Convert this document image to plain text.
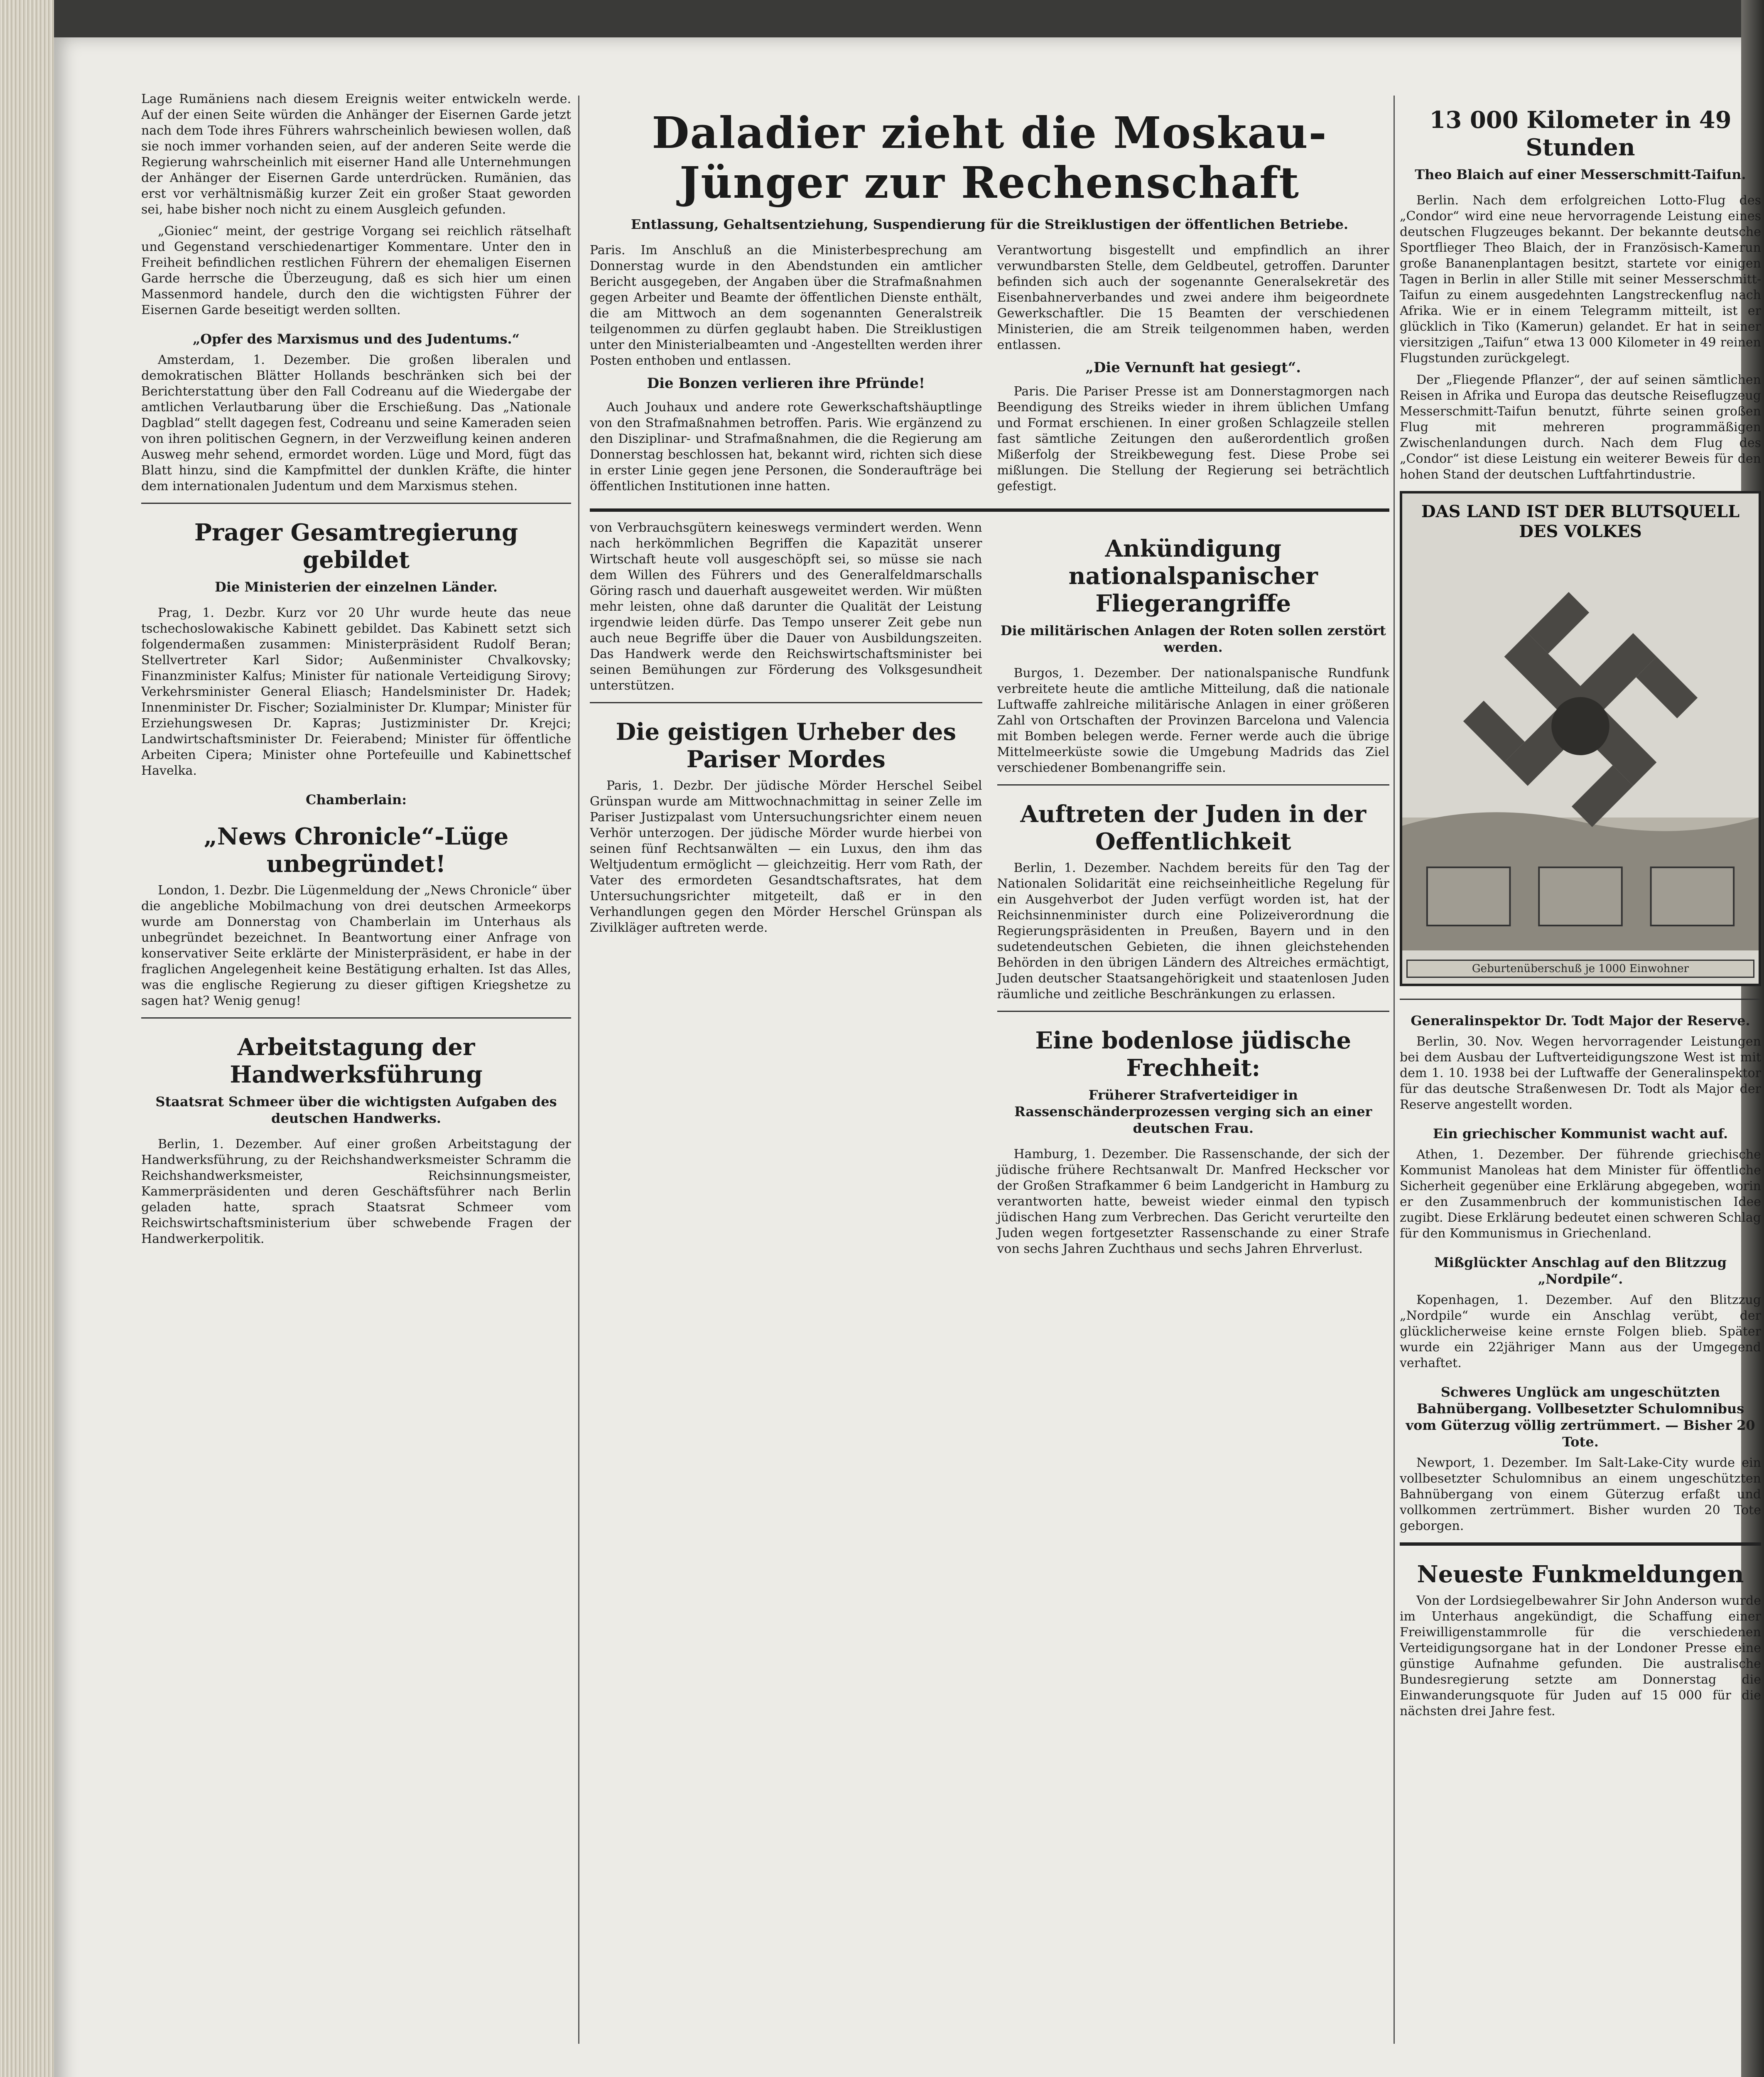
Lage Rumäniens nach diesem Ereignis weiter entwickeln werde. Auf der einen Seite würden die Anhänger der Eisernen Garde jetzt nach dem Tode ihres Führers wahrscheinlich bewiesen wollen, daß sie noch immer vorhanden seien, auf der anderen Seite werde die Regierung wahrscheinlich mit eiserner Hand alle Unternehmungen der Anhänger der Eisernen Garde unterdrücken. Rumänien, das erst vor verhältnismäßig kurzer Zeit ein großer Staat geworden sei, habe bisher noch nicht zu einem Ausgleich gefunden.

„Gioniec“ meint, der gestrige Vorgang sei reichlich rätselhaft und Gegenstand verschiedenartiger Kommentare. Unter den in Freiheit befindlichen restlichen Führern der ehemaligen Eisernen Garde herrsche die Überzeugung, daß es sich hier um einen Massenmord handele, durch den die wichtigsten Führer der Eisernen Garde beseitigt werden sollten.

„Opfer des Marxismus und des Judentums.“

Amsterdam, 1. Dezember. Die großen liberalen und demokratischen Blätter Hollands beschränken sich bei der Berichterstattung über den Fall Codreanu auf die Wiedergabe der amtlichen Verlautbarung über die Erschießung. Das „Nationale Dagblad“ stellt dagegen fest, Codreanu und seine Kameraden seien von ihren politischen Gegnern, in der Verzweiflung keinen anderen Ausweg mehr sehend, ermordet worden. Lüge und Mord, fügt das Blatt hinzu, sind die Kampfmittel der dunklen Kräfte, die hinter dem internationalen Judentum und dem Marxismus stehen.

Prager Gesamtregierung gebildet
Die Ministerien der einzelnen Länder.

Prag, 1. Dezbr. Kurz vor 20 Uhr wurde heute das neue tschechoslowakische Kabinett gebildet. Das Kabinett setzt sich folgendermaßen zusammen: Ministerpräsident Rudolf Beran; Stellvertreter Karl Sidor; Außenminister Chvalkovsky; Finanzminister Kalfus; Minister für nationale Verteidigung Sirovy; Verkehrsminister General Eliasch; Handelsminister Dr. Hadek; Innenminister Dr. Fischer; Sozialminister Dr. Klumpar; Minister für Erziehungswesen Dr. Kapras; Justizminister Dr. Krejci; Landwirtschaftsminister Dr. Feierabend; Minister für öffentliche Arbeiten Cipera; Minister ohne Portefeuille und Kabinettschef Havelka.

Chamberlain:
„News Chronicle“-Lüge unbegründet!

London, 1. Dezbr. Die Lügenmeldung der „News Chronicle“ über die angebliche Mobilmachung von drei deutschen Armeekorps wurde am Donnerstag von Chamberlain im Unterhaus als unbegründet bezeichnet. In Beantwortung einer Anfrage von konservativer Seite erklärte der Ministerpräsident, er habe in der fraglichen Angelegenheit keine Bestätigung erhalten. Ist das Alles, was die englische Regierung zu dieser giftigen Kriegshetze zu sagen hat? Wenig genug!

Arbeitstagung der Handwerksführung
Staatsrat Schmeer über die wichtigsten Aufgaben des deutschen Handwerks.

Berlin, 1. Dezember. Auf einer großen Arbeitstagung der Handwerksführung, zu der Reichshandwerksmeister Schramm die Reichshandwerksmeister, Reichsinnungsmeister, Kammerpräsidenten und deren Geschäftsführer nach Berlin geladen hatte, sprach Staatsrat Schmeer vom Reichswirtschaftsministerium über schwebende Fragen der Handwerkerpolitik.

Daladier zieht die Moskau-Jünger zur Rechenschaft
Entlassung, Gehaltsentziehung, Suspendierung für die Streiklustigen der öffentlichen Betriebe.

Paris. Im Anschluß an die Ministerbesprechung am Donnerstag wurde in den Abendstunden ein amtlicher Bericht ausgegeben, der Angaben über die Strafmaßnahmen gegen Arbeiter und Beamte der öffentlichen Dienste enthält, die am Mittwoch an dem sogenannten Generalstreik teilgenommen zu dürfen geglaubt haben. Die Streiklustigen unter den Ministerialbeamten und -Angestellten werden ihrer Posten enthoben und entlassen.

Die Bonzen verlieren ihre Pfründe!

Auch Jouhaux und andere rote Gewerkschaftshäuptlinge von den Strafmaßnahmen betroffen. Paris. Wie ergänzend zu den Disziplinar- und Strafmaßnahmen, die die Regierung am Donnerstag beschlossen hat, bekannt wird, richten sich diese in erster Linie gegen jene Personen, die Sonderaufträge bei öffentlichen Institutionen inne hatten.

Verantwortung bisgestellt und empfindlich an ihrer verwundbarsten Stelle, dem Geldbeutel, getroffen. Darunter befinden sich auch der sogenannte Generalsekretär des Eisenbahnerverbandes und zwei andere ihm beigeordnete Gewerkschaftler. Die 15 Beamten der verschiedenen Ministerien, die am Streik teilgenommen haben, werden entlassen.

„Die Vernunft hat gesiegt“.

Paris. Die Pariser Presse ist am Donnerstagmorgen nach Beendigung des Streiks wieder in ihrem üblichen Umfang und Format erschienen. In einer großen Schlagzeile stellen fast sämtliche Zeitungen den außerordentlich großen Mißerfolg der Streikbewegung fest. Diese Probe sei mißlungen. Die Stellung der Regierung sei beträchtlich gefestigt.

von Verbrauchsgütern keineswegs vermindert werden. Wenn nach herkömmlichen Begriffen die Kapazität unserer Wirtschaft heute voll ausgeschöpft sei, so müsse sie nach dem Willen des Führers und des Generalfeldmarschalls Göring rasch und dauerhaft ausgeweitet werden. Wir müßten mehr leisten, ohne daß darunter die Qualität der Leistung irgendwie leiden dürfe. Das Tempo unserer Zeit gebe nun auch neue Begriffe über die Dauer von Ausbildungszeiten. Das Handwerk werde den Reichswirtschaftsminister bei seinen Bemühungen zur Förderung des Volksgesundheit unterstützen.

Die geistigen Urheber des Pariser Mordes

Paris, 1. Dezbr. Der jüdische Mörder Herschel Seibel Grünspan wurde am Mittwochnachmittag in seiner Zelle im Pariser Justizpalast vom Untersuchungsrichter einem neuen Verhör unterzogen. Der jüdische Mörder wurde hierbei von seinen fünf Rechtsanwälten — ein Luxus, den ihm das Weltjudentum ermöglicht — gleichzeitig. Herr vom Rath, der Vater des ermordeten Gesandtschaftsrates, hat dem Untersuchungsrichter mitgeteilt, daß er in den Verhandlungen gegen den Mörder Herschel Grünspan als Zivilkläger auftreten werde.

Ankündigung nationalspanischer Fliegerangriffe
Die militärischen Anlagen der Roten sollen zerstört werden.

Burgos, 1. Dezember. Der nationalspanische Rundfunk verbreitete heute die amtliche Mitteilung, daß die nationale Luftwaffe zahlreiche militärische Anlagen in einer größeren Zahl von Ortschaften der Provinzen Barcelona und Valencia mit Bomben belegen werde. Ferner werde auch die übrige Mittelmeerküste sowie die Umgebung Madrids das Ziel verschiedener Bombenangriffe sein.

Auftreten der Juden in der Oeffentlichkeit

Berlin, 1. Dezember. Nachdem bereits für den Tag der Nationalen Solidarität eine reichseinheitliche Regelung für ein Ausgehverbot der Juden verfügt worden ist, hat der Reichsinnenminister durch eine Polizeiverordnung die Regierungspräsidenten in Preußen, Bayern und in den sudetendeutschen Gebieten, die ihnen gleichstehenden Behörden in den übrigen Ländern des Altreiches ermächtigt, Juden deutscher Staatsangehörigkeit und staatenlosen Juden räumliche und zeitliche Beschränkungen zu erlassen.

Eine bodenlose jüdische Frechheit:
Früherer Strafverteidiger in Rassenschänderprozessen verging sich an einer deutschen Frau.

Hamburg, 1. Dezember. Die Rassenschande, der sich der jüdische frühere Rechtsanwalt Dr. Manfred Heckscher vor der Großen Strafkammer 6 beim Landgericht in Hamburg zu verantworten hatte, beweist wieder einmal den typisch jüdischen Hang zum Verbrechen. Das Gericht verurteilte den Juden wegen fortgesetzter Rassenschande zu einer Strafe von sechs Jahren Zuchthaus und sechs Jahren Ehrverlust.

13 000 Kilometer in 49 Stunden
Theo Blaich auf einer Messerschmitt-Taifun.

Berlin. Nach dem erfolgreichen Lotto-Flug des „Condor“ wird eine neue hervorragende Leistung eines deutschen Flugzeuges bekannt. Der bekannte deutsche Sportflieger Theo Blaich, der in Französisch-Kamerun große Bananenplantagen besitzt, startete vor einigen Tagen in Berlin in aller Stille mit seiner Messerschmitt-Taifun zu einem ausgedehnten Langstreckenflug nach Afrika. Wie er in einem Telegramm mitteilt, ist er glücklich in Tiko (Kamerun) gelandet. Er hat in seiner viersitzigen „Taifun“ etwa 13 000 Kilometer in 49 reinen Flugstunden zurückgelegt.

Der „Fliegende Pflanzer“, der auf seinen sämtlichen Reisen in Afrika und Europa das deutsche Reiseflugzeug Messerschmitt-Taifun benutzt, führte seinen großen Flug mit mehreren programmäßigen Zwischenlandungen durch. Nach dem Flug des „Condor“ ist diese Leistung ein weiterer Beweis für den hohen Stand der deutschen Luftfahrtindustrie.

DAS LAND IST DER BLUTSQUELL DES VOLKES
Geburtenüberschuß je 1000 Einwohner
Generalinspektor Dr. Todt Major der Reserve.

Berlin, 30. Nov. Wegen hervorragender Leistungen bei dem Ausbau der Luftverteidigungszone West ist mit dem 1. 10. 1938 bei der Luftwaffe der Generalinspektor für das deutsche Straßenwesen Dr. Todt als Major der Reserve angestellt worden.

Ein griechischer Kommunist wacht auf.

Athen, 1. Dezember. Der führende griechische Kommunist Manoleas hat dem Minister für öffentliche Sicherheit gegenüber eine Erklärung abgegeben, worin er den Zusammenbruch der kommunistischen Idee zugibt. Diese Erklärung bedeutet einen schweren Schlag für den Kommunismus in Griechenland.

Mißglückter Anschlag auf den Blitzzug „Nordpile“.

Kopenhagen, 1. Dezember. Auf den Blitzzug „Nordpile“ wurde ein Anschlag verübt, der glücklicherweise keine ernste Folgen blieb. Später wurde ein 22jähriger Mann aus der Umgegend verhaftet.

Schweres Unglück am ungeschützten Bahnübergang. Vollbesetzter Schulomnibus vom Güterzug völlig zertrümmert. — Bisher 20 Tote.

Newport, 1. Dezember. Im Salt-Lake-City wurde ein vollbesetzter Schulomnibus an einem ungeschützten Bahnübergang von einem Güterzug erfaßt und vollkommen zertrümmert. Bisher wurden 20 Tote geborgen.

Neueste Funkmeldungen

Von der Lordsiegelbewahrer Sir John Anderson wurde im Unterhaus angekündigt, die Schaffung einer Freiwilligenstammrolle für die verschiedenen Verteidigungsorgane hat in der Londoner Presse eine günstige Aufnahme gefunden. Die australische Bundesregierung setzte am Donnerstag die Einwanderungsquote für Juden auf 15 000 für die nächsten drei Jahre fest.
